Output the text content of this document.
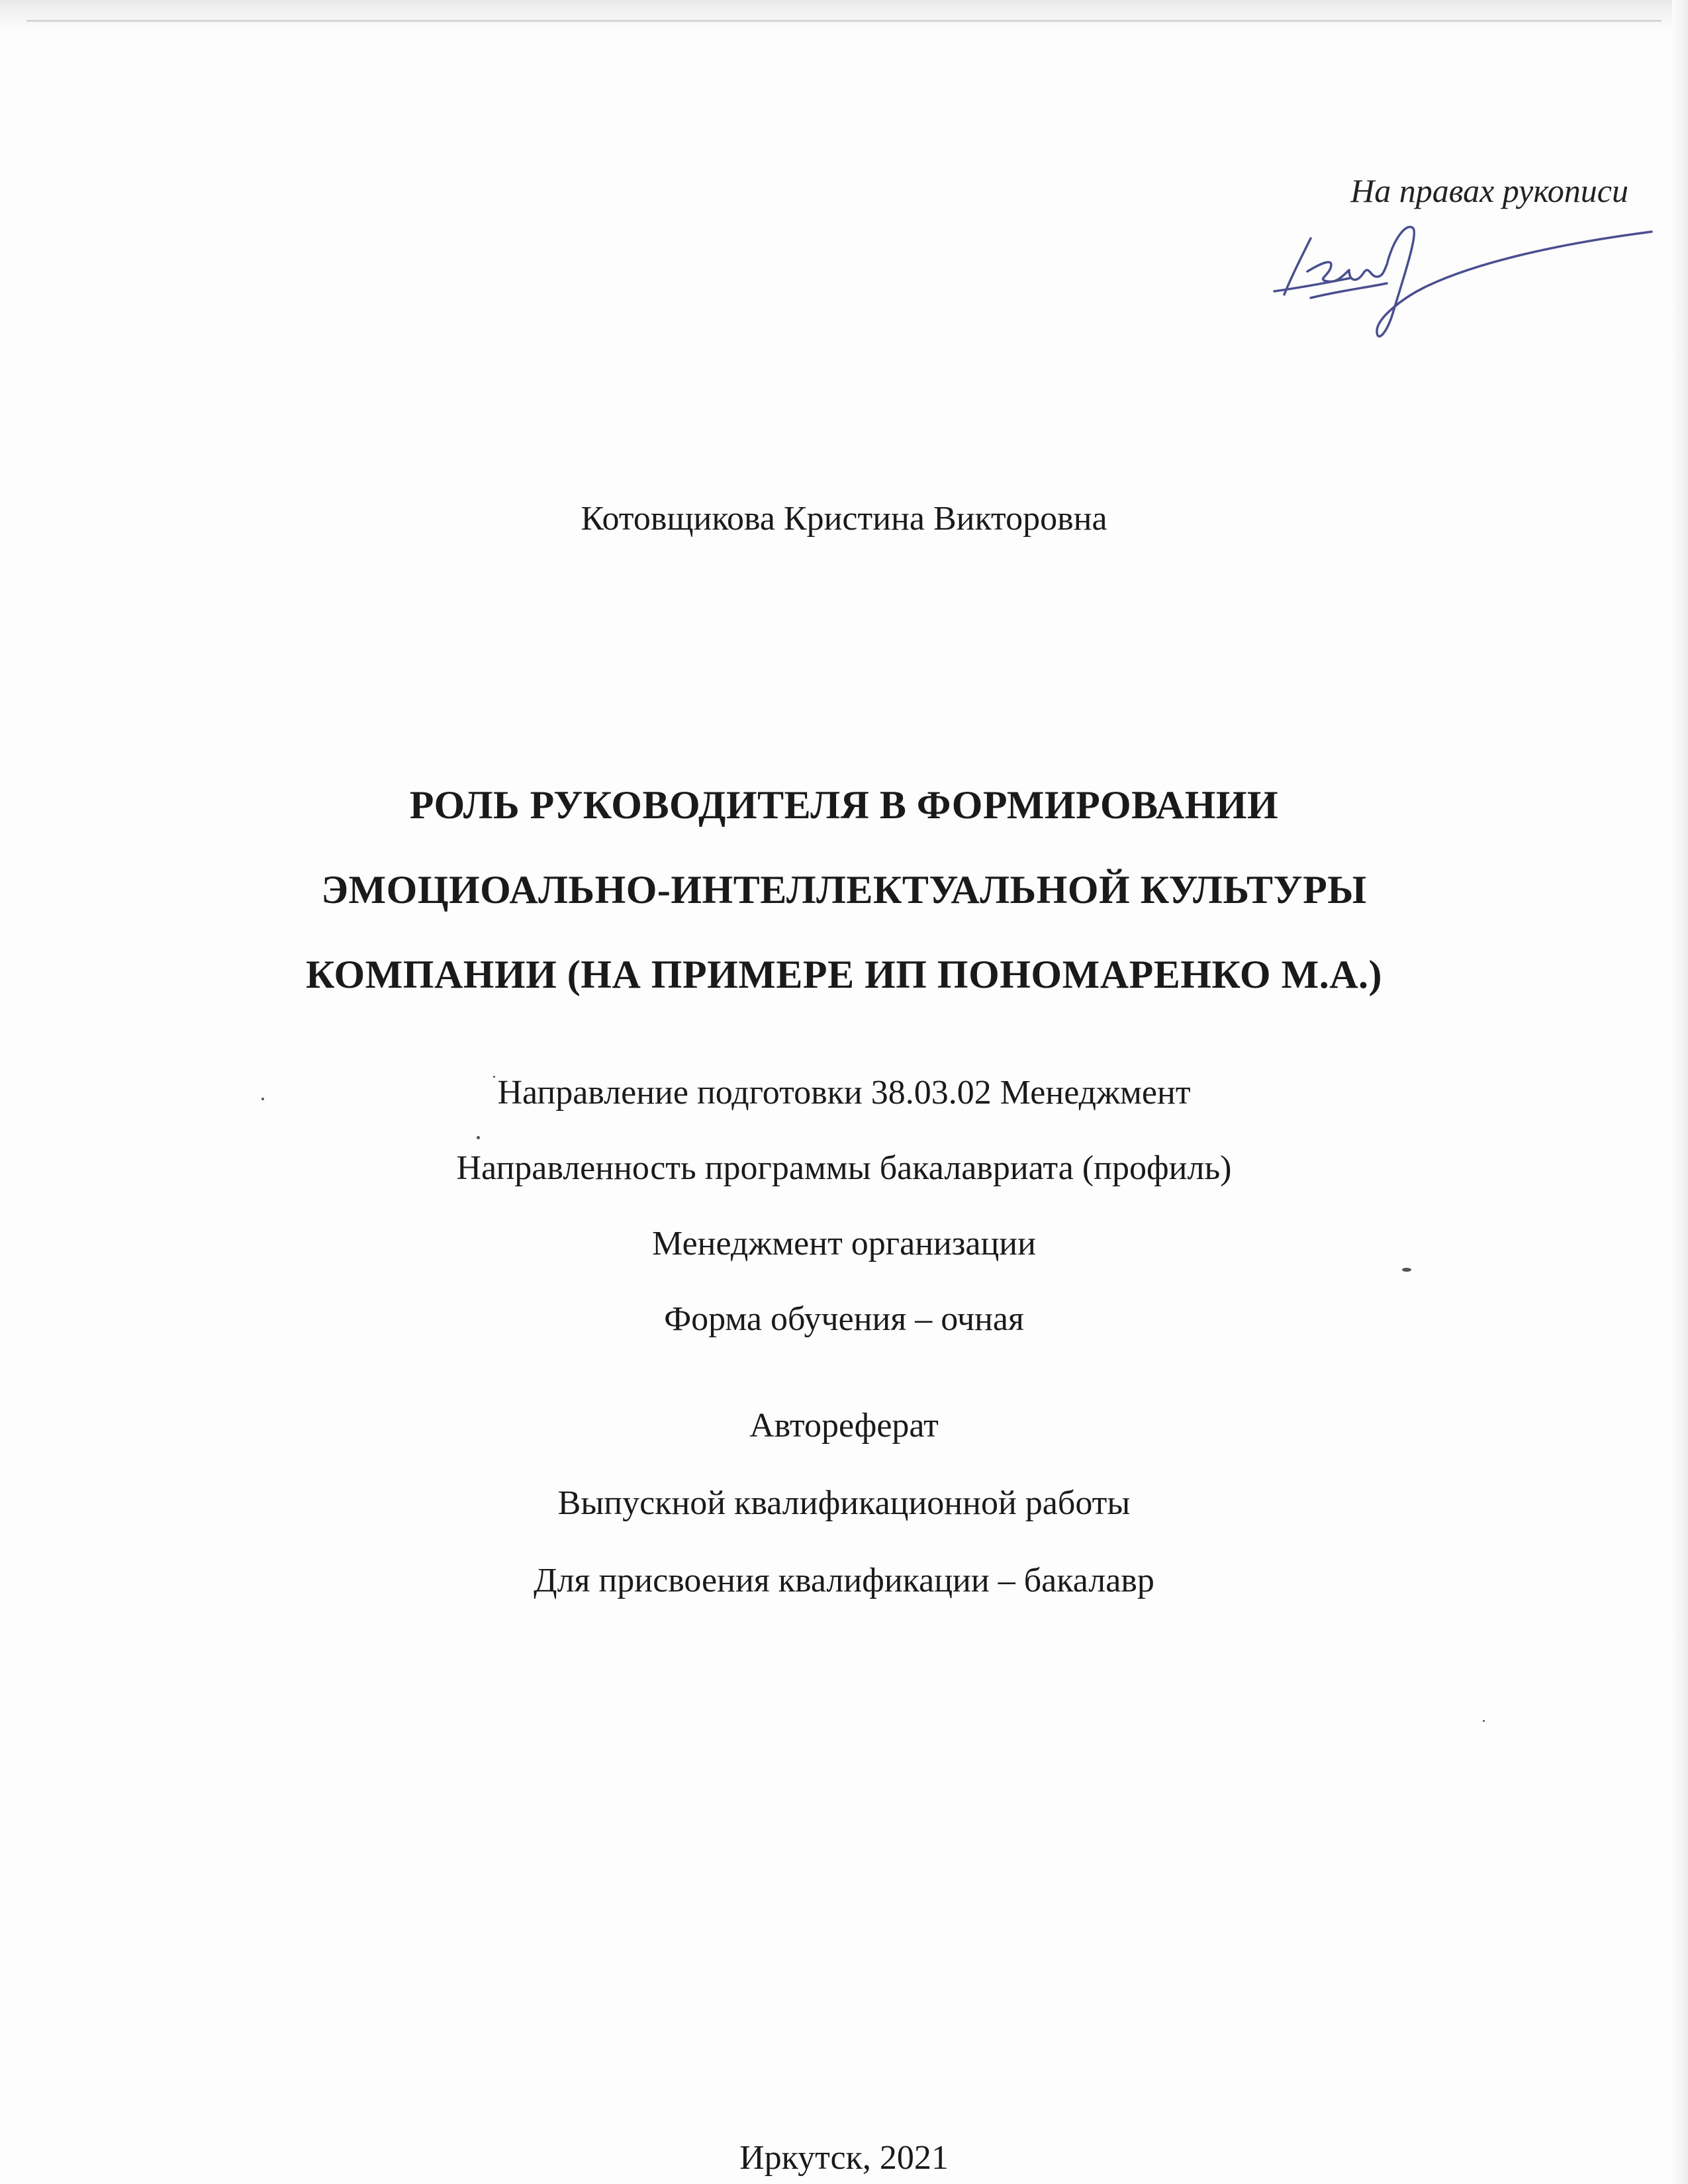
На правах рукописи
Котовщикова Кристина Викторовна
РОЛЬ РУКОВОДИТЕЛЯ В ФОРМИРОВАНИИ
ЭМОЦИОАЛЬНО-ИНТЕЛЛЕКТУАЛЬНОЙ КУЛЬТУРЫ
КОМПАНИИ (НА ПРИМЕРЕ ИП ПОНОМАРЕНКО М.А.)
Направление подготовки 38.03.02 Менеджмент
Направленность программы бакалавриата (профиль)
Менеджмент организации
Форма обучения – очная
Автореферат
Выпускной квалификационной работы
Для присвоения квалификации – бакалавр
Иркутск, 2021
